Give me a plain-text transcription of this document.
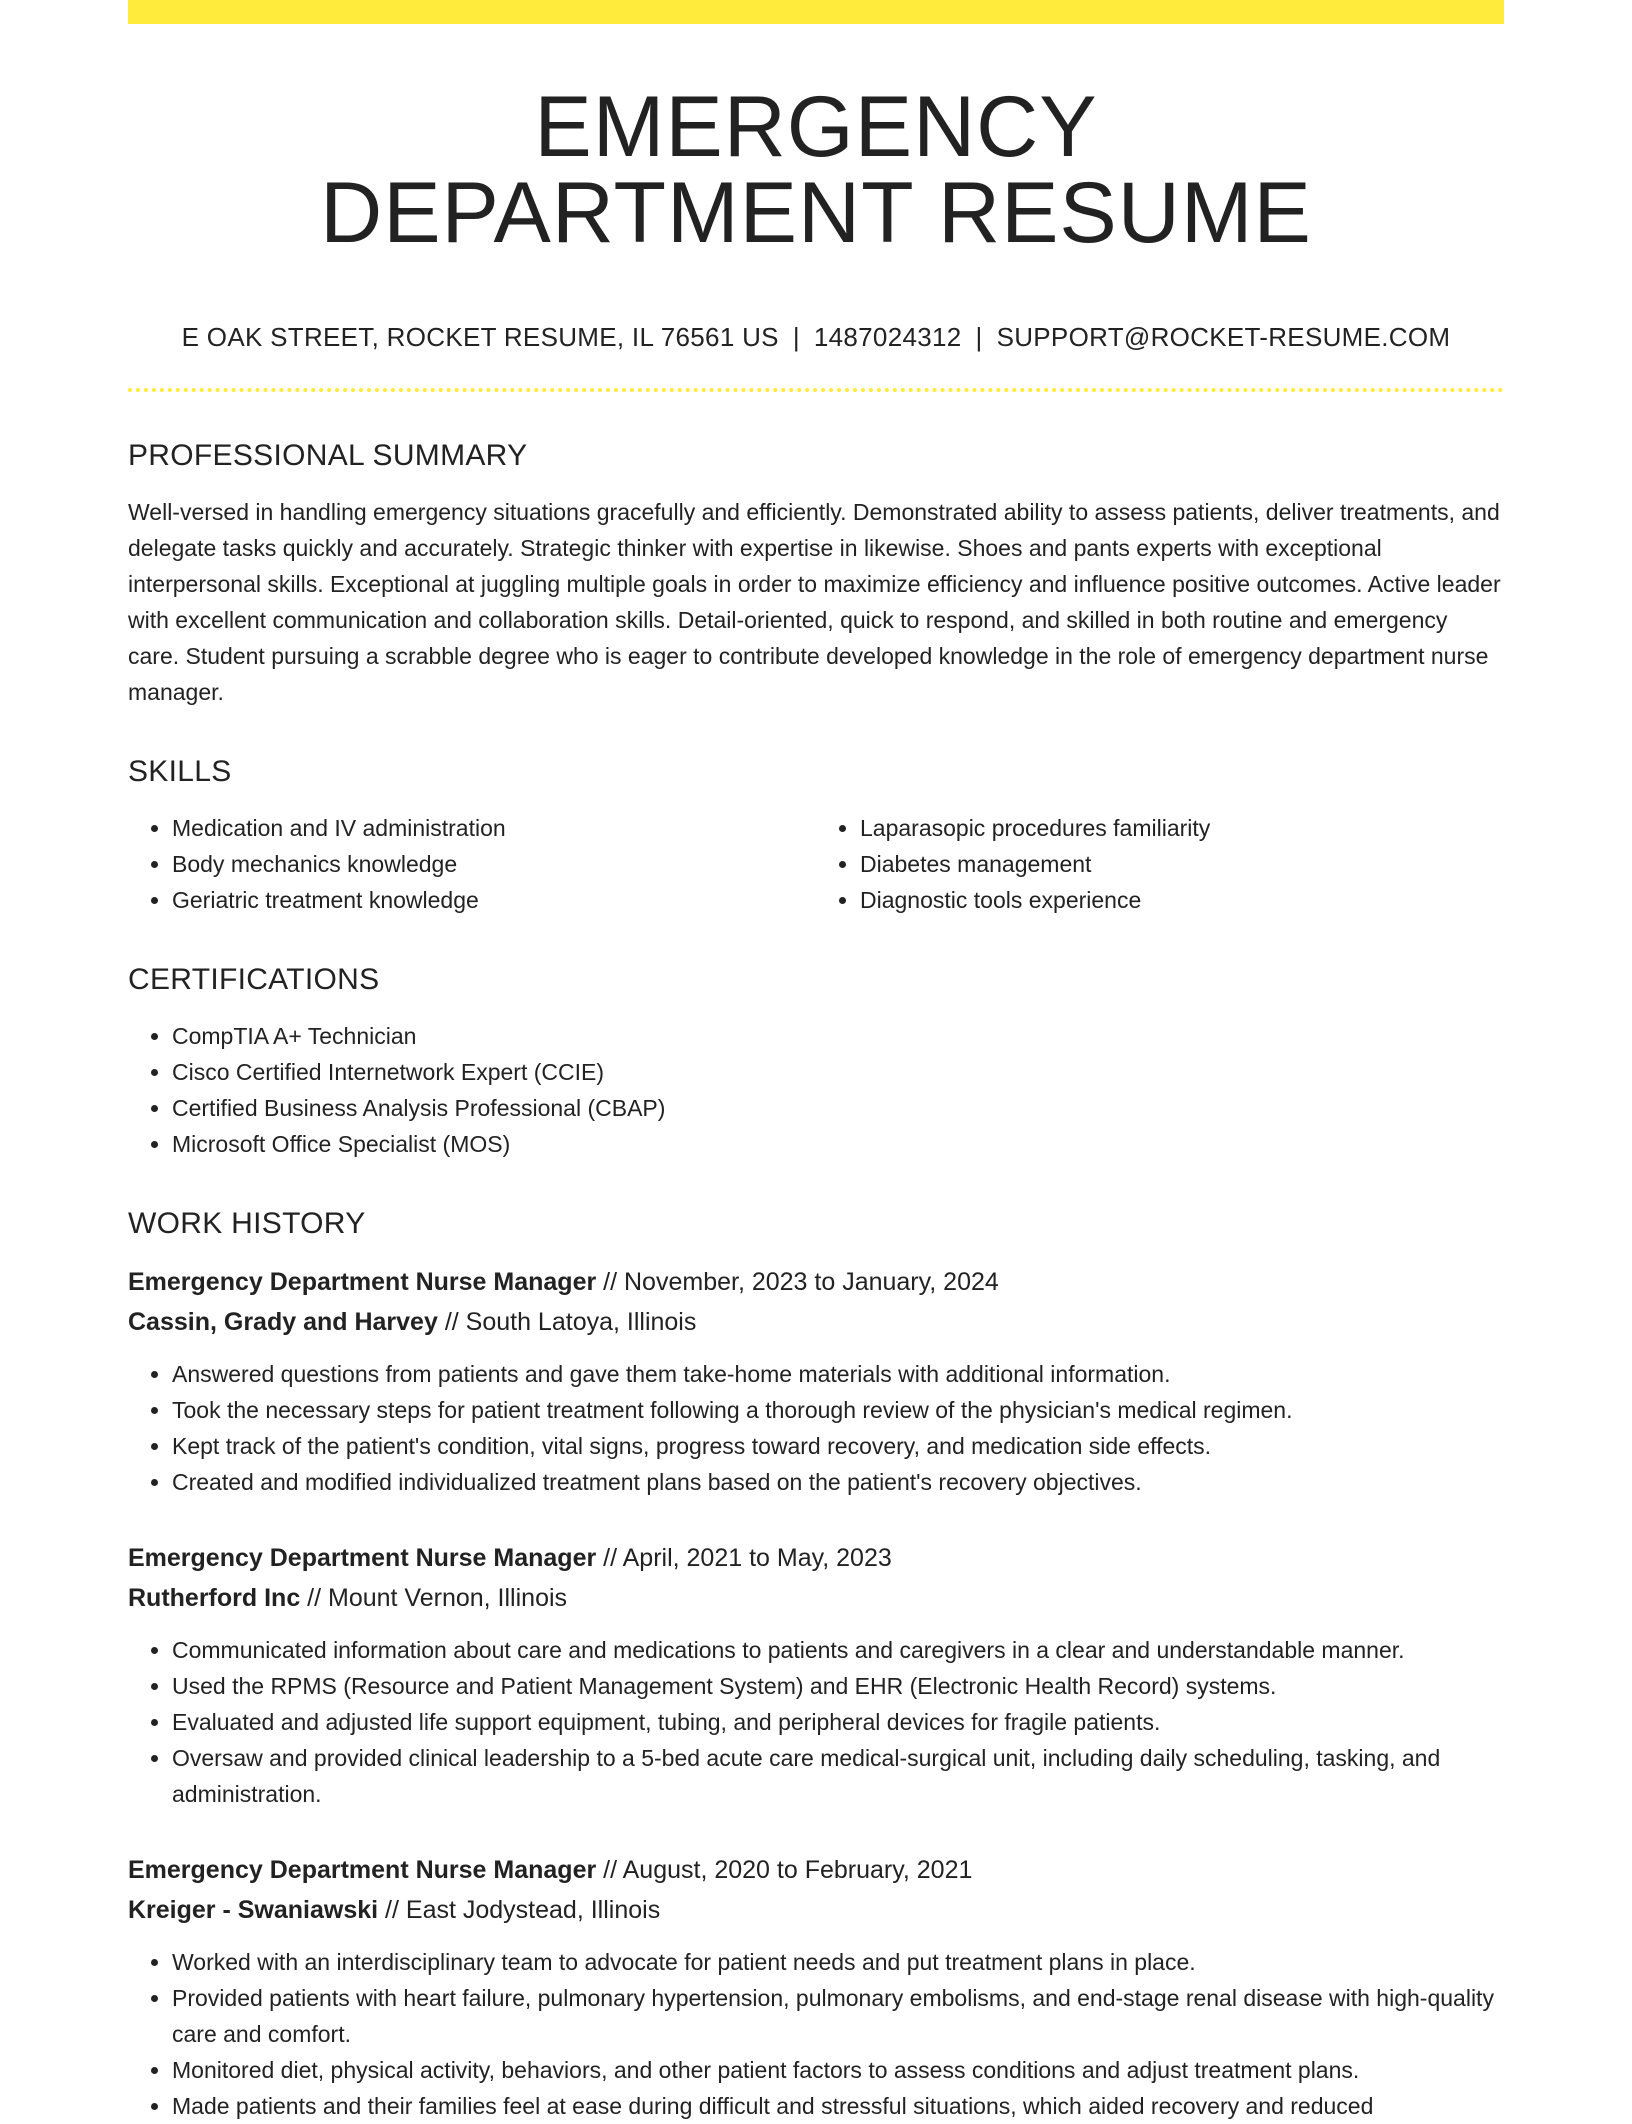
EMERGENCY
DEPARTMENT RESUME
E OAK STREET, ROCKET RESUME, IL 76561 US | 1487024312 | SUPPORT@ROCKET-RESUME.COM
PROFESSIONAL SUMMARY
Well-versed in handling emergency situations gracefully and efficiently. Demonstrated ability to assess patients, deliver treatments, and delegate tasks quickly and accurately. Strategic thinker with expertise in likewise. Shoes and pants experts with exceptional interpersonal skills. Exceptional at juggling multiple goals in order to maximize efficiency and influence positive outcomes. Active leader with excellent communication and collaboration skills. Detail-oriented, quick to respond, and skilled in both routine and emergency care. Student pursuing a scrabble degree who is eager to contribute developed knowledge in the role of emergency department nurse manager.
SKILLS
• Medication and IV administration
• Body mechanics knowledge
• Geriatric treatment knowledge
• Laparasopic procedures familiarity
• Diabetes management
• Diagnostic tools experience
CERTIFICATIONS
• CompTIA A+ Technician
• Cisco Certified Internetwork Expert (CCIE)
• Certified Business Analysis Professional (CBAP)
• Microsoft Office Specialist (MOS)
WORK HISTORY
Emergency Department Nurse Manager // November, 2023 to January, 2024
Cassin, Grady and Harvey // South Latoya, Illinois
• Answered questions from patients and gave them take-home materials with additional information.
• Took the necessary steps for patient treatment following a thorough review of the physician's medical regimen.
• Kept track of the patient's condition, vital signs, progress toward recovery, and medication side effects.
• Created and modified individualized treatment plans based on the patient's recovery objectives.
Emergency Department Nurse Manager // April, 2021 to May, 2023
Rutherford Inc // Mount Vernon, Illinois
• Communicated information about care and medications to patients and caregivers in a clear and understandable manner.
• Used the RPMS (Resource and Patient Management System) and EHR (Electronic Health Record) systems.
• Evaluated and adjusted life support equipment, tubing, and peripheral devices for fragile patients.
• Oversaw and provided clinical leadership to a 5-bed acute care medical-surgical unit, including daily scheduling, tasking, and administration.
Emergency Department Nurse Manager // August, 2020 to February, 2021
Kreiger - Swaniawski // East Jodystead, Illinois
• Worked with an interdisciplinary team to advocate for patient needs and put treatment plans in place.
• Provided patients with heart failure, pulmonary hypertension, pulmonary embolisms, and end-stage renal disease with high-quality care and comfort.
• Monitored diet, physical activity, behaviors, and other patient factors to assess conditions and adjust treatment plans.
• Made patients and their families feel at ease during difficult and stressful situations, which aided recovery and reduced
